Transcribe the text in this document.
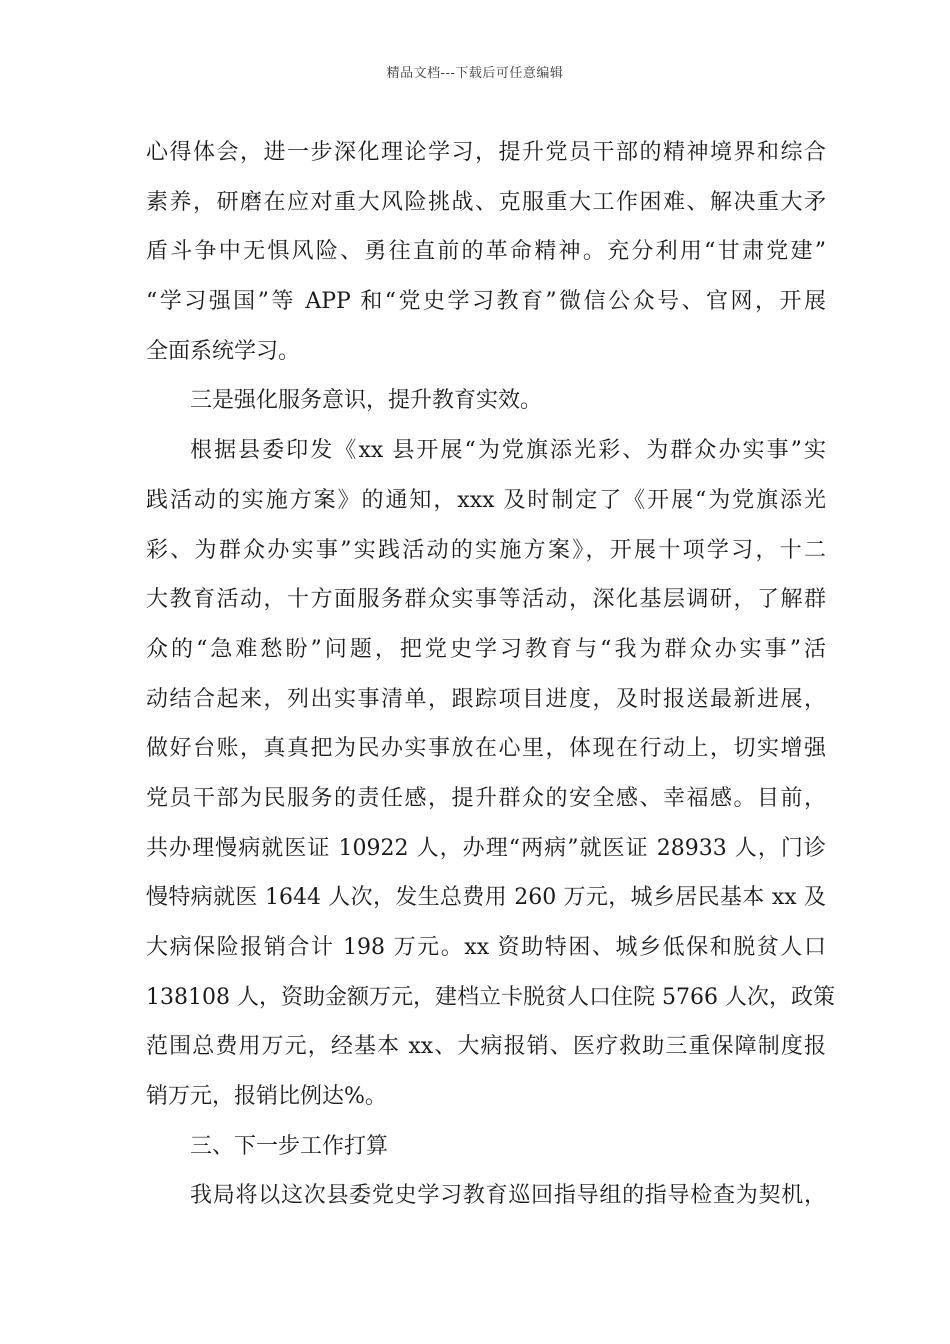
精品文档---下载后可任意编辑
心得体会，进一步深化理论学习，提升党员干部的精神境界和综合
素养，研磨在应对重大风险挑战、克服重大工作困难、解决重大矛
盾斗争中无惧风险、勇往直前的革命精神。充分利用“甘肃党建”
“学习强国”等 APP 和“党史学习教育”微信公众号、官网，开展
全面系统学习。
三是强化服务意识，提升教育实效。
根据县委印发《xx 县开展“为党旗添光彩、为群众办实事”实
践活动的实施方案》的通知，xxx 及时制定了《开展“为党旗添光
彩、为群众办实事”实践活动的实施方案》，开展十项学习，十二
大教育活动，十方面服务群众实事等活动，深化基层调研，了解群
众的“急难愁盼”问题，把党史学习教育与“我为群众办实事”活
动结合起来，列出实事清单，跟踪项目进度，及时报送最新进展，
做好台账，真真把为民办实事放在心里，体现在行动上，切实增强
党员干部为民服务的责任感，提升群众的安全感、幸福感。目前，
共办理慢病就医证 10922 人，办理“两病”就医证 28933 人，门诊
慢特病就医 1644 人次，发生总费用 260 万元，城乡居民基本 xx 及
大病保险报销合计 198 万元。xx 资助特困、城乡低保和脱贫人口
138108 人，资助金额万元，建档立卡脱贫人口住院 5766 人次，政策
范围总费用万元，经基本 xx、大病报销、医疗救助三重保障制度报
销万元，报销比例达%。
三、下一步工作打算
我局将以这次县委党史学习教育巡回指导组的指导检查为契机，
